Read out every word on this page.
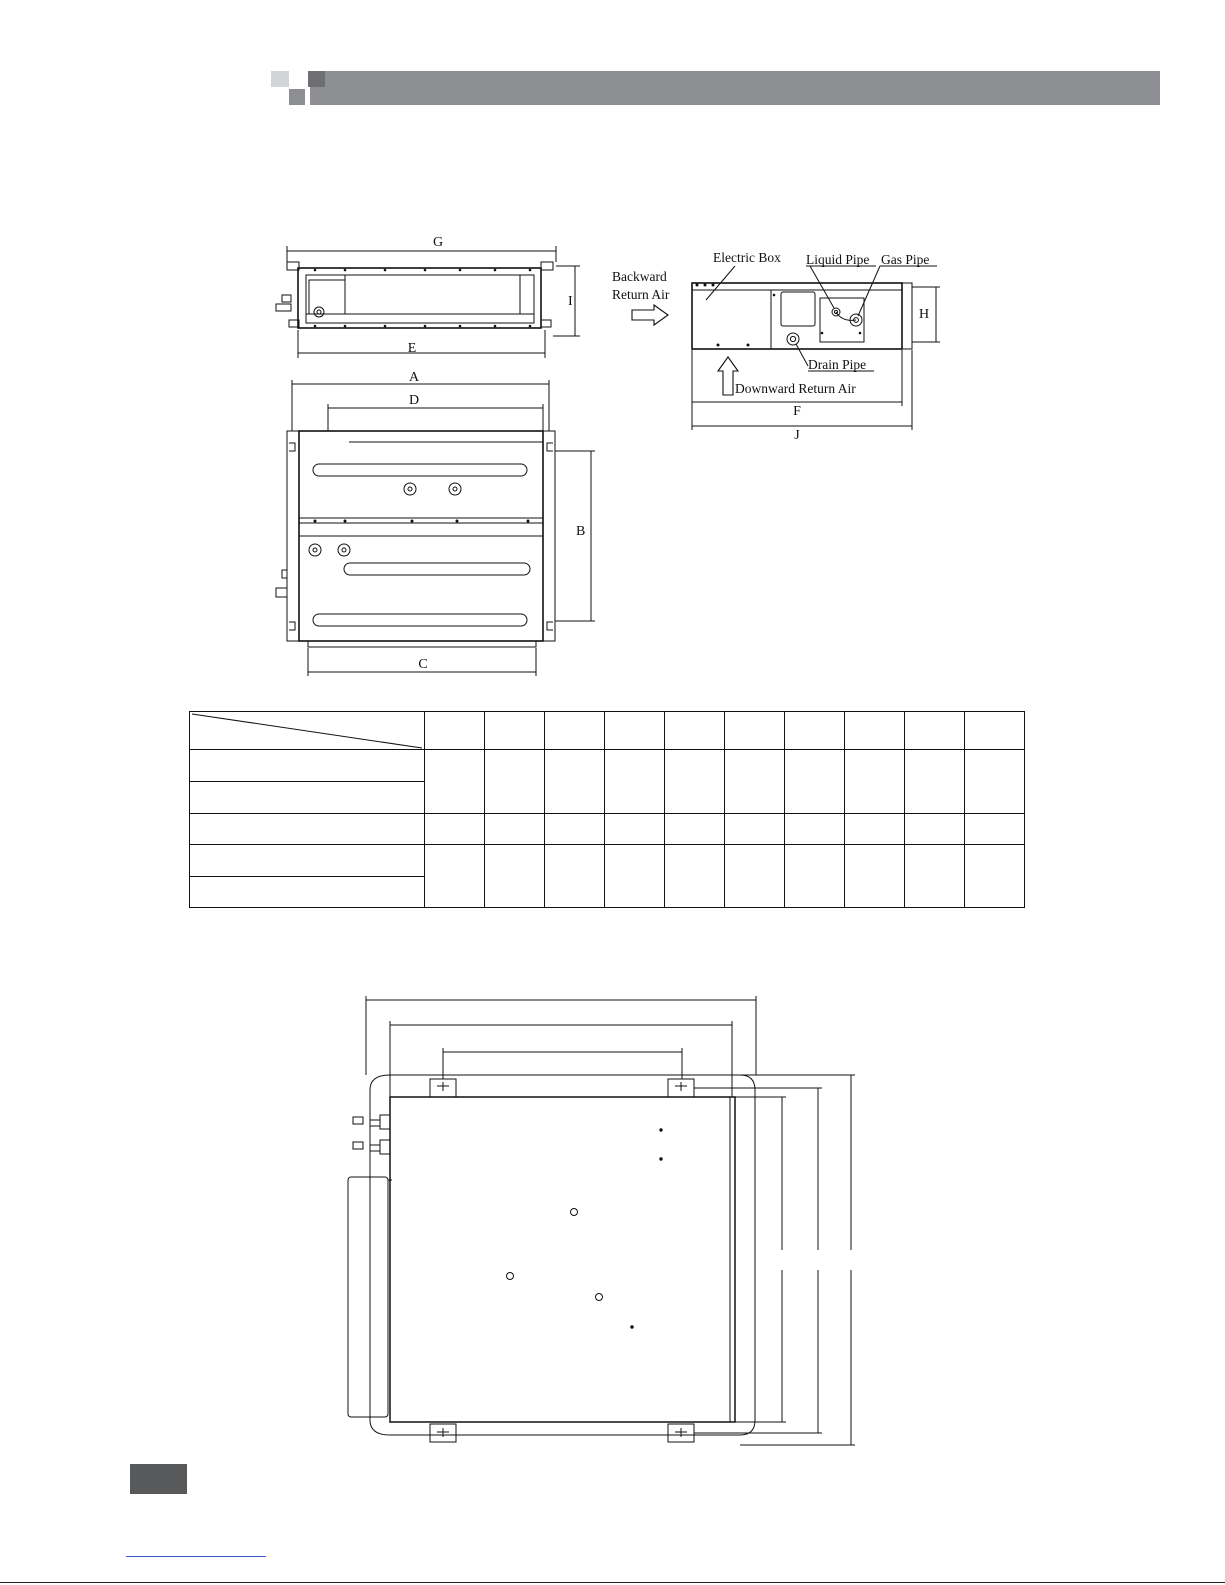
G
I
E
A
D
B
C
Backward
Return Air
Electric Box Liquid Pipe Gas Pipe
H
Drain Pipe
Downward Return Air
F
J
